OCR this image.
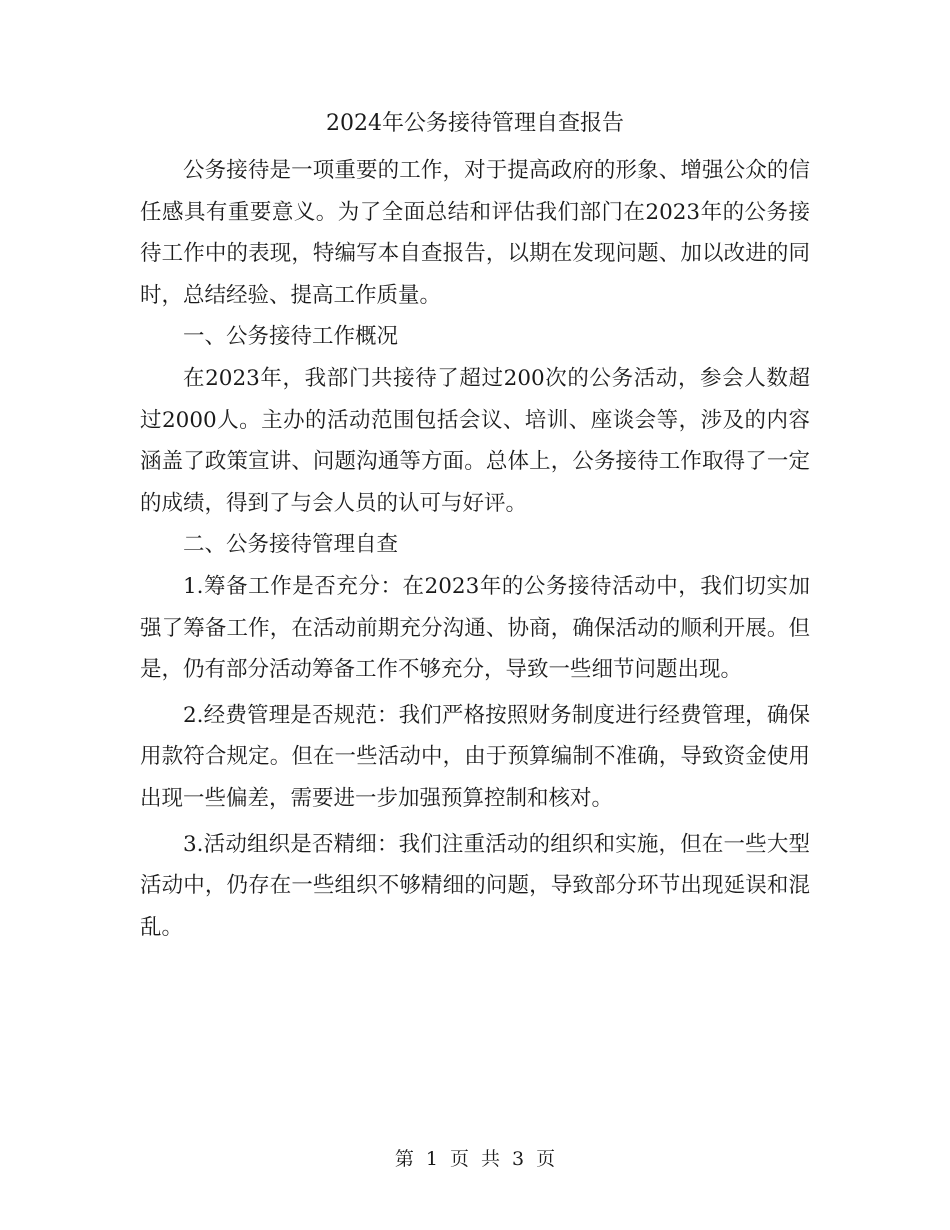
2024年公务接待管理自查报告

公务接待是一项重要的工作，对于提高政府的形象、增强公众的信任感具有重要意义。为了全面总结和评估我们部门在2023年的公务接待工作中的表现，特编写本自查报告，以期在发现问题、加以改进的同时，总结经验、提高工作质量。

一、公务接待工作概况

在2023年，我部门共接待了超过200次的公务活动，参会人数超过2000人。主办的活动范围包括会议、培训、座谈会等，涉及的内容涵盖了政策宣讲、问题沟通等方面。总体上，公务接待工作取得了一定的成绩，得到了与会人员的认可与好评。

二、公务接待管理自查

1.筹备工作是否充分：在2023年的公务接待活动中，我们切实加强了筹备工作，在活动前期充分沟通、协商，确保活动的顺利开展。但是，仍有部分活动筹备工作不够充分，导致一些细节问题出现。

2.经费管理是否规范：我们严格按照财务制度进行经费管理，确保用款符合规定。但在一些活动中，由于预算编制不准确，导致资金使用出现一些偏差，需要进一步加强预算控制和核对。

3.活动组织是否精细：我们注重活动的组织和实施，但在一些大型活动中，仍存在一些组织不够精细的问题，导致部分环节出现延误和混乱。

第 1 页 共 3 页
